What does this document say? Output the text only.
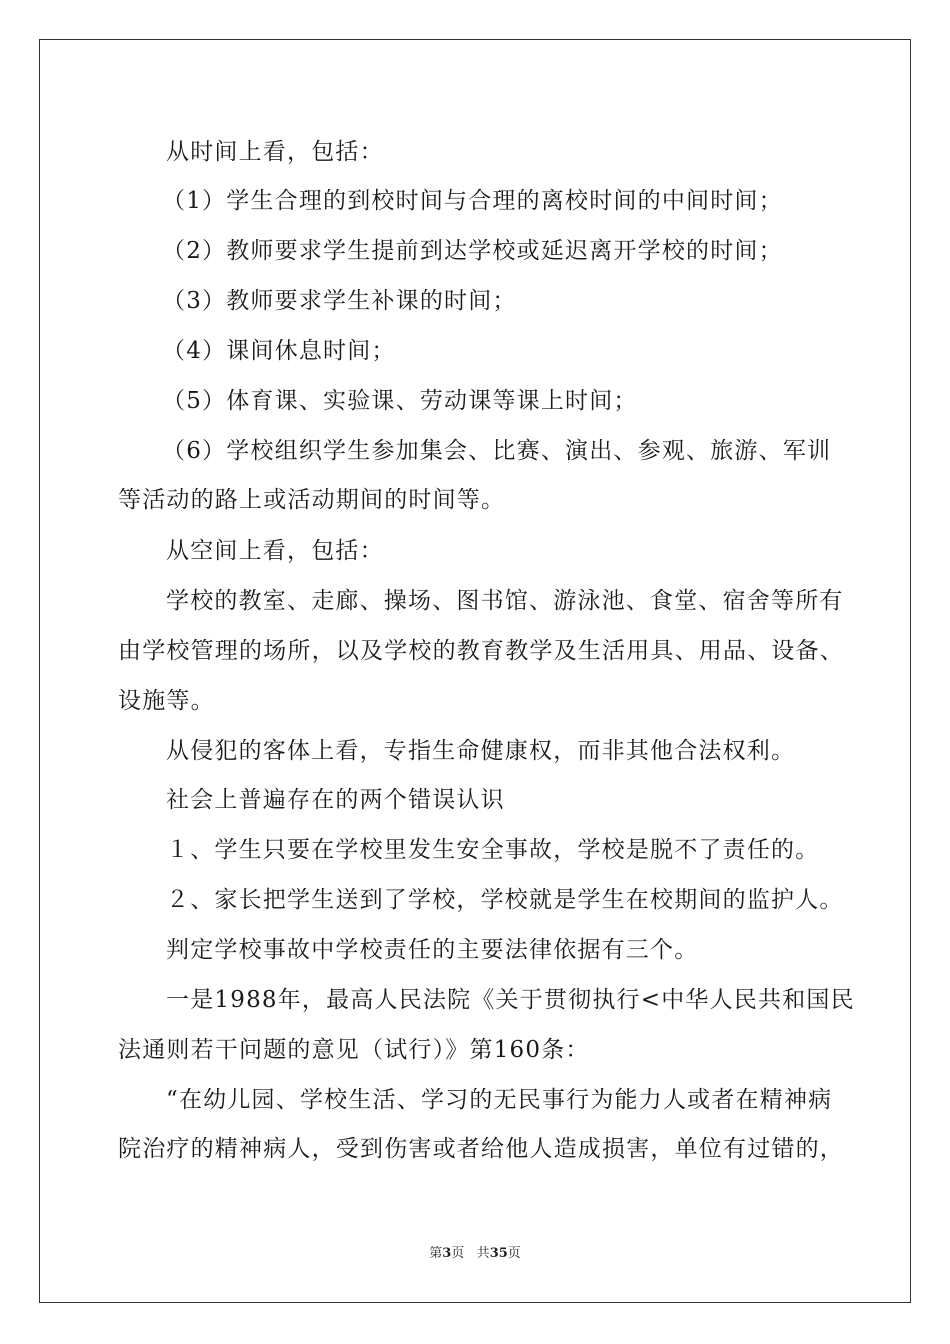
从时间上看，包括：
（1）学生合理的到校时间与合理的离校时间的中间时间；
（2）教师要求学生提前到达学校或延迟离开学校的时间；
（3）教师要求学生补课的时间；
（4）课间休息时间；
（5）体育课、实验课、劳动课等课上时间；
（6）学校组织学生参加集会、比赛、演出、参观、旅游、军训
等活动的路上或活动期间的时间等。
从空间上看，包括：
学校的教室、走廊、操场、图书馆、游泳池、食堂、宿舍等所有
由学校管理的场所，以及学校的教育教学及生活用具、用品、设备、
设施等。
从侵犯的客体上看，专指生命健康权，而非其他合法权利。
社会上普遍存在的两个错误认识
１、学生只要在学校里发生安全事故，学校是脱不了责任的。
２、家长把学生送到了学校，学校就是学生在校期间的监护人。
判定学校事故中学校责任的主要法律依据有三个。
一是1988年，最高人民法院《关于贯彻执行<中华人民共和国民
法通则若干问题的意见（试行）》第160条：
“在幼儿园、学校生活、学习的无民事行为能力人或者在精神病
院治疗的精神病人，受到伤害或者给他人造成损害，单位有过错的，
第3页 共35页
